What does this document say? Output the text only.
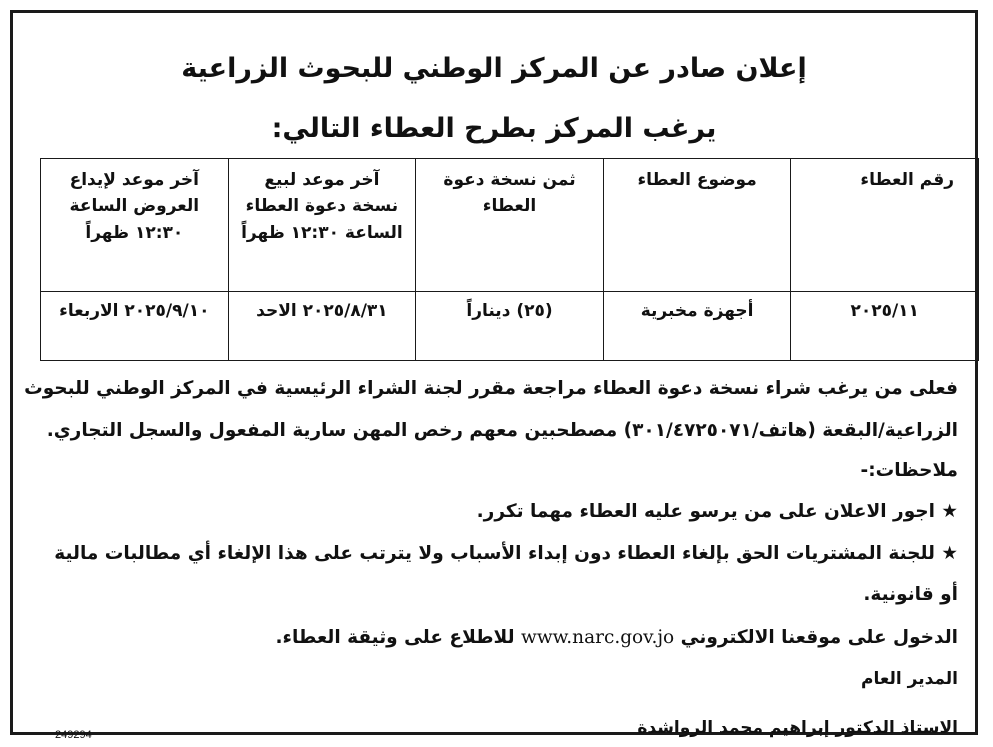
إعلان صادر عن المركز الوطني للبحوث الزراعية
يرغب المركز بطرح العطاء التالي:
رقم العطاء	موضوع العطاء	ثمن نسخة دعوة العطاء	آخر موعد لبيع نسخة دعوة العطاء الساعة ١٢:٣٠ ظهراً	آخر موعد لإيداع العروض الساعة ١٢:٣٠ ظهراً
٢٠٢٥/١١	أجهزة مخبرية	(٢٥) ديناراً	٢٠٢٥/٨/٣١ الاحد	٢٠٢٥/٩/١٠ الاربعاء
فعلى من يرغب شراء نسخة دعوة العطاء مراجعة مقرر لجنة الشراء الرئيسية في المركز الوطني للبحوث
الزراعية/البقعة (هاتف/٣٠١/٤٧٢٥٠٧١) مصطحبين معهم رخص المهن سارية المفعول والسجل التجاري.
ملاحظات:-
★ اجور الاعلان على من يرسو عليه العطاء مهما تكرر.
★ للجنة المشتريات الحق بإلغاء العطاء دون إبداء الأسباب ولا يترتب على هذا الإلغاء أي مطالبات مالية
أو قانونية.
الدخول على موقعنا الالكتروني www.narc.gov.jo للاطلاع على وثيقة العطاء.
المدير العام
الاستاذ الدكتور إبراهيم محمد الرواشدة
249294
